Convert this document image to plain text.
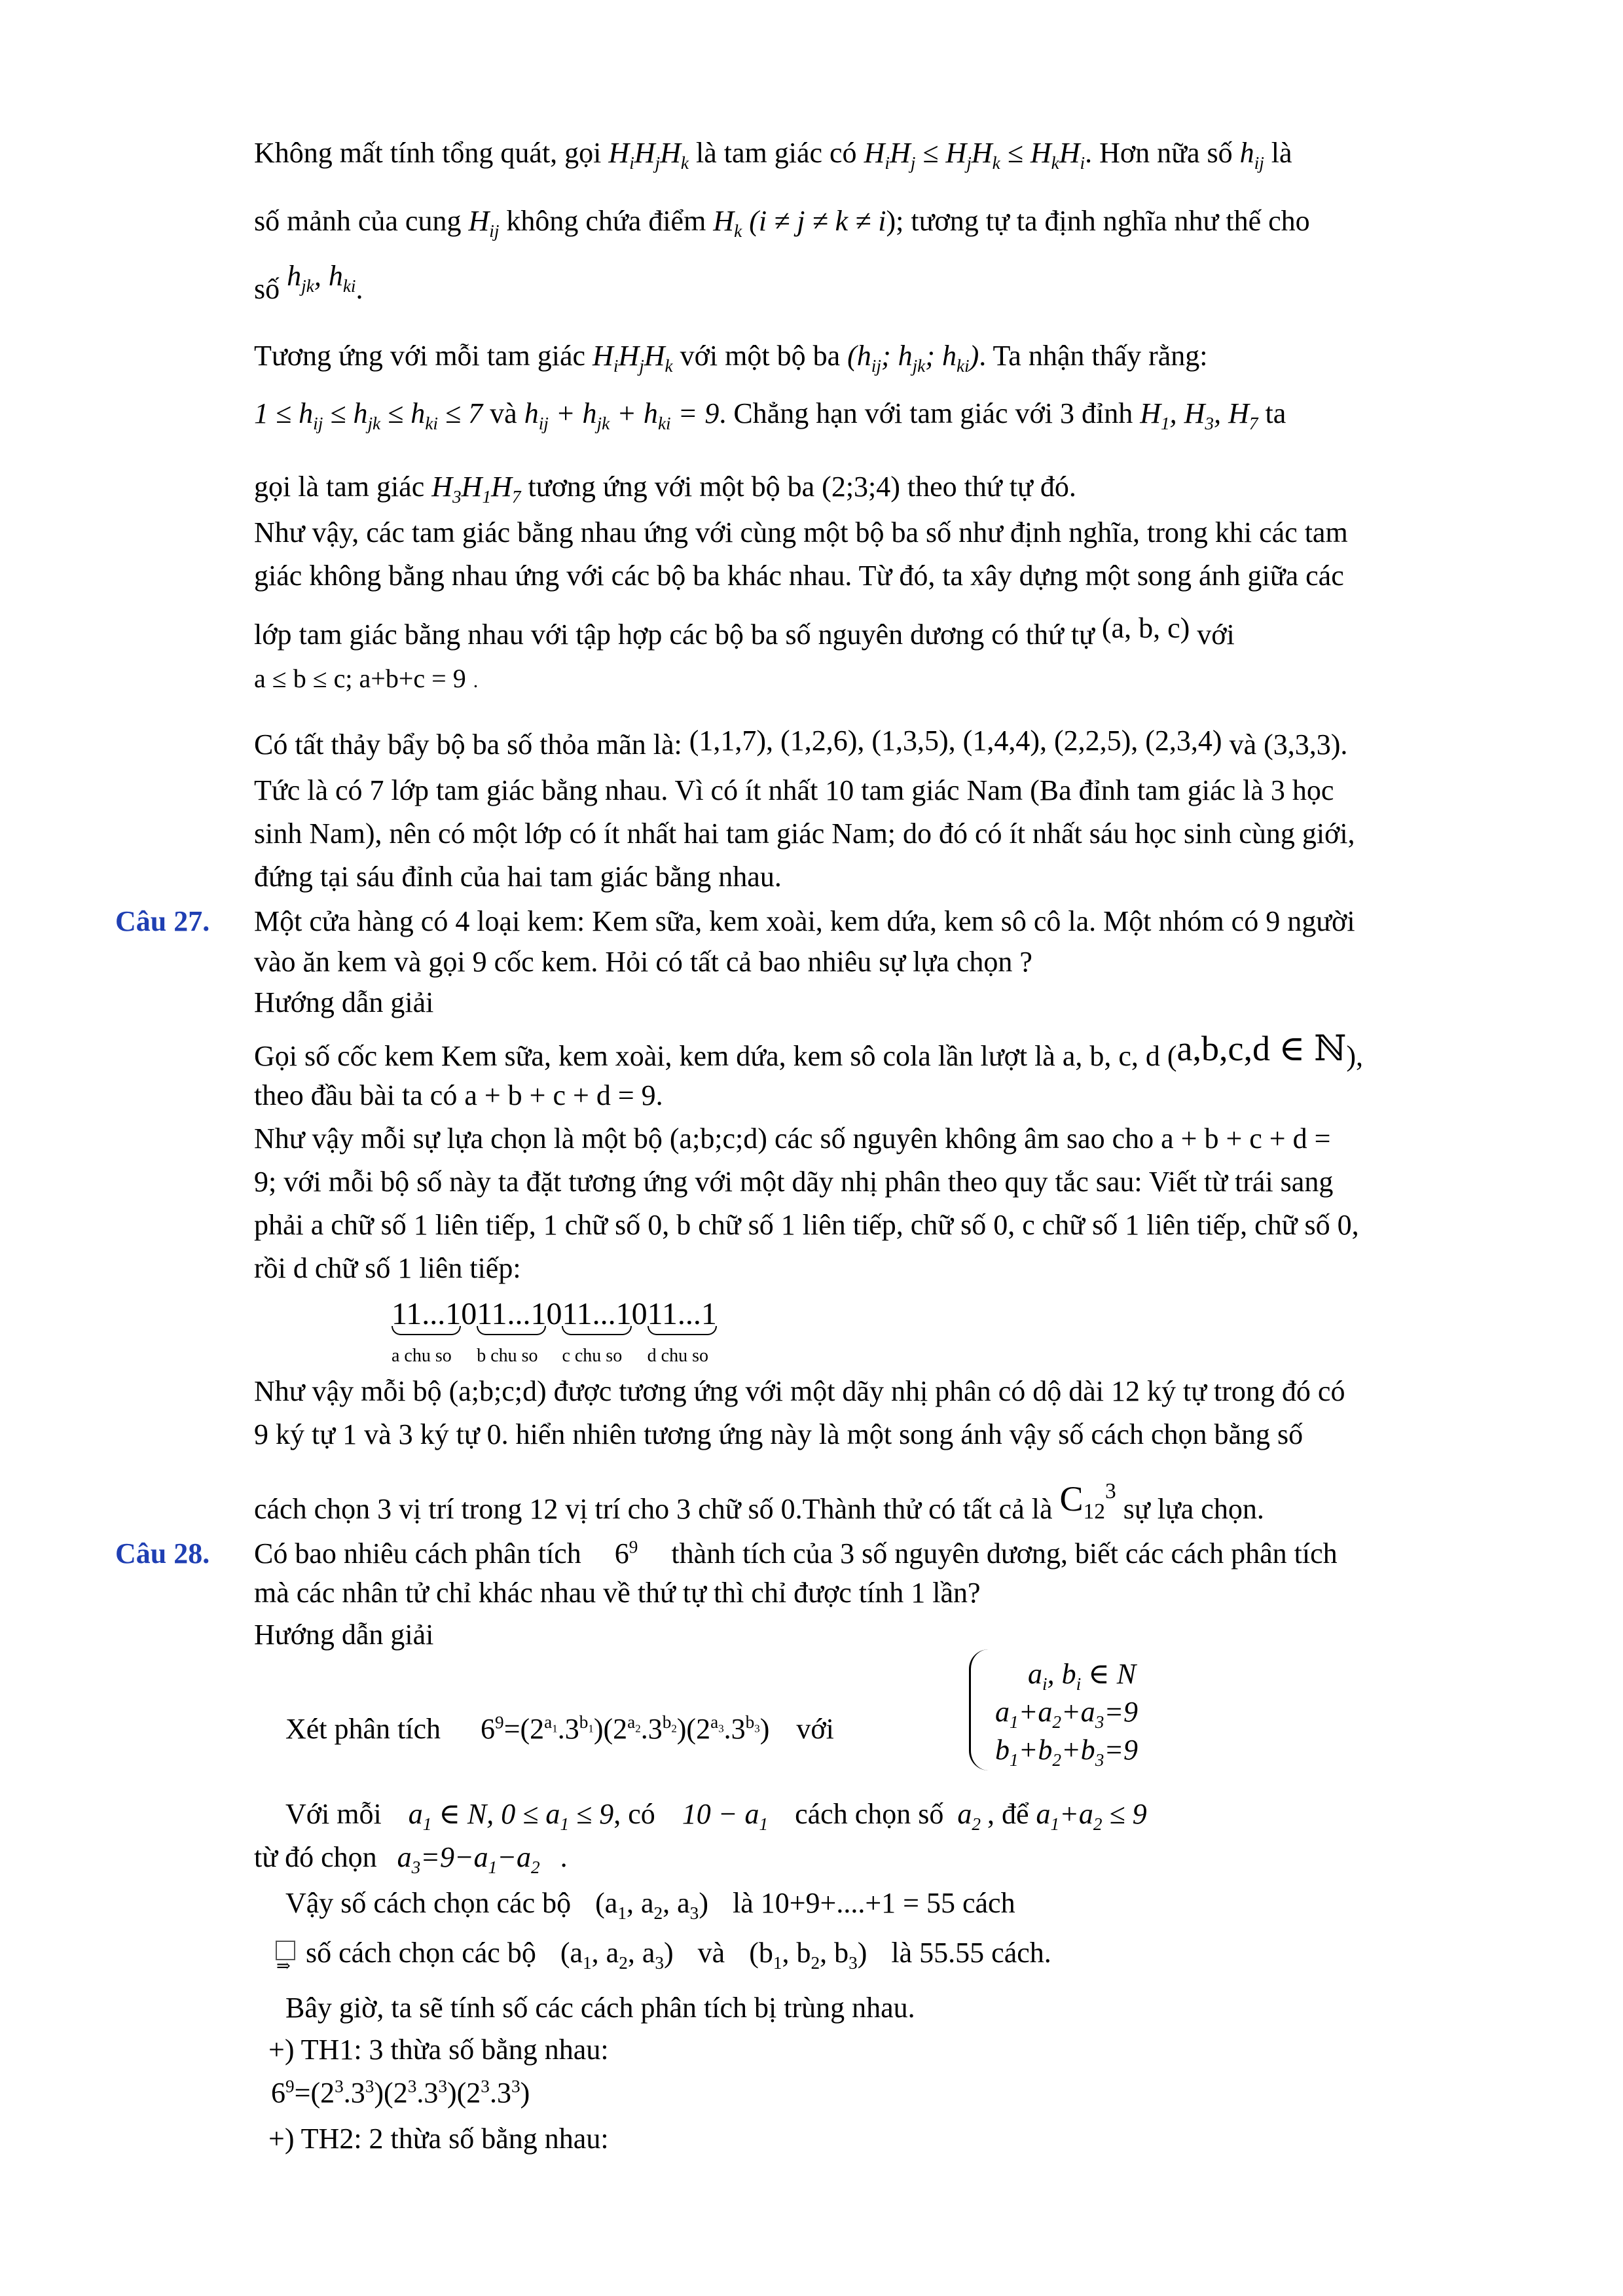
Không mất tính tổng quát, gọi $H_iH_jH_k$ là tam giác có $H_iH_j \le H_jH_k \le H_kH_i$. Hơn nữa số $h_{ij}$ là
số mảnh của cung $H_{ij}$ không chứa điểm $H_k$ (i ≠ j ≠ k ≠ i); tương tự ta định nghĩa như thế cho
số $h_{jk}$, $h_{ki}$.
Tương ứng với mỗi tam giác $H_iH_jH_k$ với một bộ ba ($h_{ij}$; $h_{jk}$; $h_{ki}$). Ta nhận thấy rằng:
$1 \le h_{ij} \le h_{jk} \le h_{ki} \le 7$ và $h_{ij} + h_{jk} + h_{ki} = 9$. Chẳng hạn với tam giác với 3 đỉnh $H_1$, $H_3$, $H_7$ ta
gọi là tam giác $H_3H_1H_7$ tương ứng với một bộ ba (2;3;4) theo thứ tự đó.
Như vậy, các tam giác bằng nhau ứng với cùng một bộ ba số như định nghĩa, trong khi các tam
giác không bằng nhau ứng với các bộ ba khác nhau. Từ đó, ta xây dựng một song ánh giữa các
lớp tam giác bằng nhau với tập hợp các bộ ba số nguyên dương có thứ tự (a, b, c) với
a ≤ b ≤ c; a+b+c = 9 .
Có tất thảy bẩy bộ ba số thỏa mãn là: (1,1,7), (1,2,6), (1,3,5), (1,4,4), (2,2,5), (2,3,4) và (3,3,3).
Tức là có 7 lớp tam giác bằng nhau. Vì có ít nhất 10 tam giác Nam (Ba đỉnh tam giác là 3 học
sinh Nam), nên có một lớp có ít nhất hai tam giác Nam; do đó có ít nhất sáu học sinh cùng giới,
đứng tại sáu đỉnh của hai tam giác bằng nhau.
Câu 27. Một cửa hàng có 4 loại kem: Kem sữa, kem xoài, kem dứa, kem sô cô la. Một nhóm có 9 người
vào ăn kem và gọi 9 cốc kem. Hỏi có tất cả bao nhiêu sự lựa chọn ?
Hướng dẫn giải
Gọi số cốc kem Kem sữa, kem xoài, kem dứa, kem sô cola lần lượt là a, b, c, d (a,b,c,d ∈ ℕ),
theo đầu bài ta có a + b + c + d = 9.
Như vậy mỗi sự lựa chọn là một bộ (a;b;c;d) các số nguyên không âm sao cho a + b + c + d =
9; với mỗi bộ số này ta đặt tương ứng với một dãy nhị phân theo quy tắc sau: Viết từ trái sang
phải a chữ số 1 liên tiếp, 1 chữ số 0, b chữ số 1 liên tiếp, chữ số 0, c chữ số 1 liên tiếp, chữ số 0,
rồi d chữ số 1 liên tiếp:
11...1
a chu so
011...1
b chu so
011...1
c chu so
011...1
d chu so
Như vậy mỗi bộ (a;b;c;d) được tương ứng với một dãy nhị phân có dộ dài 12 ký tự trong đó có
9 ký tự 1 và 3 ký tự 0. hiển nhiên tương ứng này là một song ánh vậy số cách chọn bằng số
cách chọn 3 vị trí trong 12 vị trí cho 3 chữ số 0.Thành thử có tất cả là $C_{12}^3$ sự lựa chọn.
Câu 28. Có bao nhiêu cách phân tích $6^9$ thành tích của 3 số nguyên dương, biết các cách phân tích
mà các nhân tử chỉ khác nhau về thứ tự thì chỉ được tính 1 lần?
Hướng dẫn giải
Xét phân tích $6^9=(2^{a_1}.3^{b_1})(2^{a_2}.3^{b_2})(2^{a_3}.3^{b_3})$ với
$a_i$, $b_i$ ∈ N
$a_1+a_2+a_3=9$
$b_1+b_2+b_3=9$
Với mỗi $a_1$ ∈ N, $0 \le a_1 \le 9$, có $10 - a_1$ cách chọn số $a_2$ , để $a_1+a_2 \le 9$
từ đó chọn $a_3=9-a_1-a_2$ .
Vậy số cách chọn các bộ ($a_1$, $a_2$, $a_3$) là 10+9+....+1 = 55 cách
⇒ số cách chọn các bộ ($a_1$, $a_2$, $a_3$) và ($b_1$, $b_2$, $b_3$) là 55.55 cách.
Bây giờ, ta sẽ tính số các cách phân tích bị trùng nhau.
+) TH1: 3 thừa số bằng nhau:
$6^9=(2^3.3^3)(2^3.3^3)(2^3.3^3)$
+) TH2: 2 thừa số bằng nhau:
